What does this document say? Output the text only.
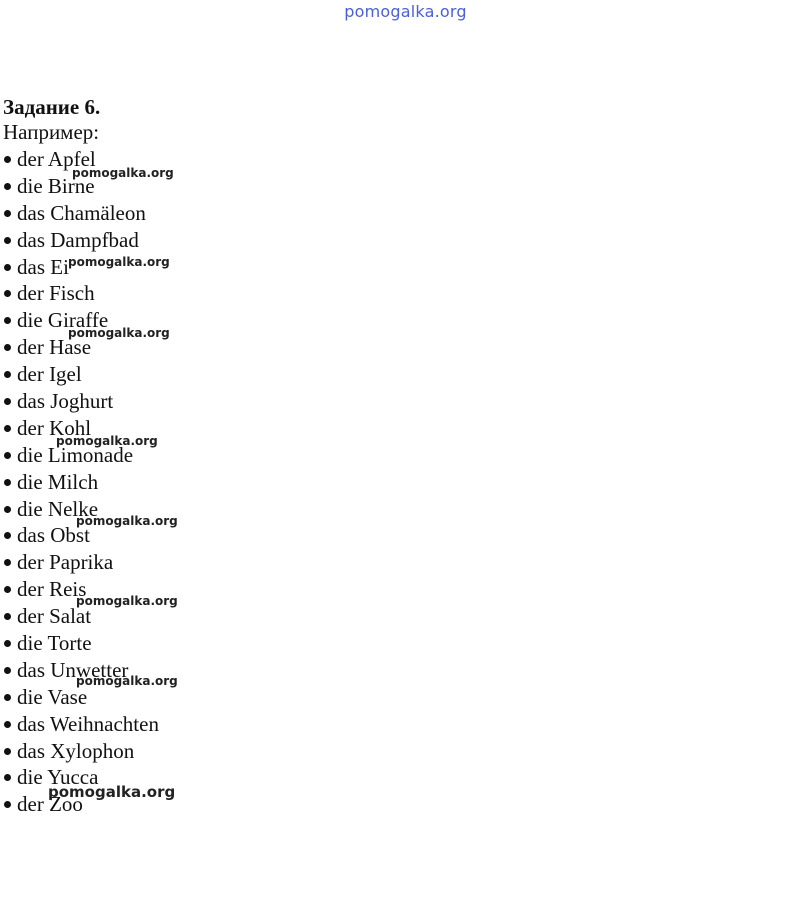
pomogalka.org
Задание 6.
Например:
der Apfel
die Birne
das Chamäleon
das Dampfbad
das Ei
der Fisch
die Giraffe
der Hase
der Igel
das Joghurt
der Kohl
die Limonade
die Milch
die Nelke
das Obst
der Paprika
der Reis
der Salat
die Torte
das Unwetter
die Vase
das Weihnachten
das Xylophon
die Yucca
der Zoo
pomogalka.org
pomogalka.org
pomogalka.org
pomogalka.org
pomogalka.org
pomogalka.org
pomogalka.org
pomogalka.org
